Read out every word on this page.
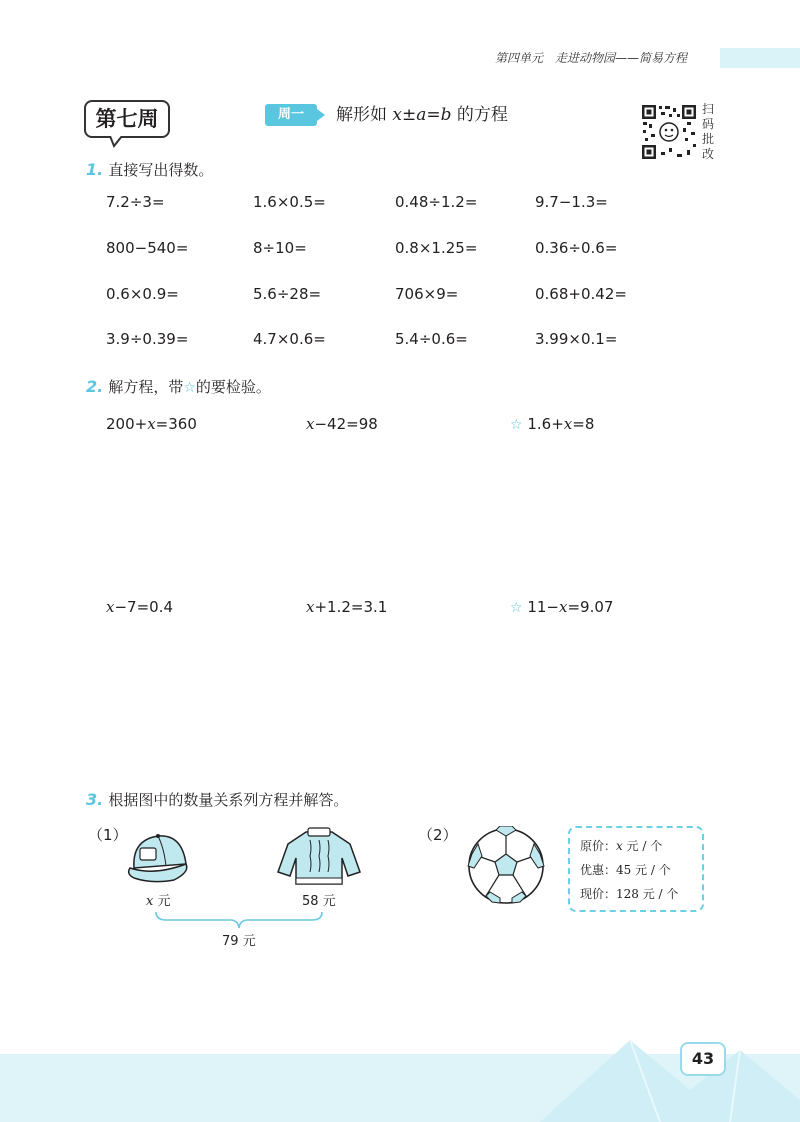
第四单元　走进动物园——简易方程
第七周	周一	解形如 x±a=b 的方程	扫
码
批
改
1. 直接写出得数。
7.2÷3=	1.6×0.5=	0.48÷1.2=	9.7−1.3=
800−540=	8÷10=	0.8×1.25=	0.36÷0.6=
0.6×0.9=	5.6÷28=	706×9=	0.68+0.42=
3.9÷0.39=	4.7×0.6=	5.4÷0.6=	3.99×0.1=
2. 解方程，带☆的要检验。
200+x=360	x−42=98	☆ 1.6+x=8
x−7=0.4	x+1.2=3.1	☆ 11−x=9.07
3. 根据图中的数量关系列方程并解答。
（1）
x 元	58 元
79 元
（2）
原价：x 元 / 个
优惠：45 元 / 个
现价：128 元 / 个
43
